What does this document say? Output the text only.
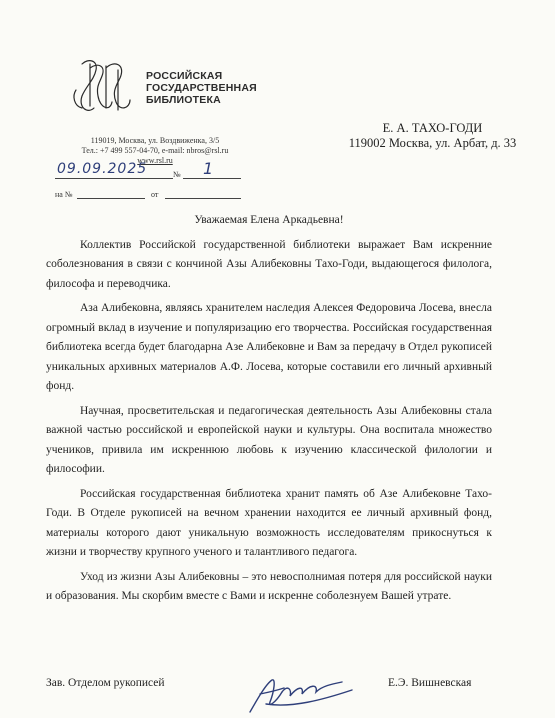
РОССИЙСКАЯ
ГОСУДАРСТВЕННАЯ
БИБЛИОТЕКА
119019, Москва, ул. Воздвиженка, 3/5
Тел.: +7 499 557-04-70, e-mail: nbros@rsl.ru
www.rsl.ru
Е. А. ТАХО-ГОДИ
119002 Москва, ул. Арбат, д. 33
09.09.2025	№ 1
на №	от

Уважаемая Елена Аркадьевна!

Коллектив Российской государственной библиотеки выражает Вам искренние соболезнования в связи с кончиной Азы Алибековны Тахо-Годи, выдающегося филолога, философа и переводчика.

Аза Алибековна, являясь хранителем наследия Алексея Федоровича Лосева, внесла огромный вклад в изучение и популяризацию его творчества. Российская государственная библиотека всегда будет благодарна Азе Алибековне и Вам за передачу в Отдел рукописей уникальных архивных материалов А.Ф. Лосева, которые составили его личный архивный фонд.

Научная, просветительская и педагогическая деятельность Азы Алибековны стала важной частью российской и европейской науки и культуры. Она воспитала множество учеников, привила им искреннюю любовь к изучению классической филологии и философии.

Российская государственная библиотека хранит память об Азе Алибековне Тахо-Годи. В Отделе рукописей на вечном хранении находится ее личный архивный фонд, материалы которого дают уникальную возможность исследователям прикоснуться к жизни и творчеству крупного ученого и талантливого педагога.

Уход из жизни Азы Алибековны – это невосполнимая потеря для российской науки и образования. Мы скорбим вместе с Вами и искренне соболезнуем Вашей утрате.

Зав. Отделом рукописей	Е.Э. Вишневская
